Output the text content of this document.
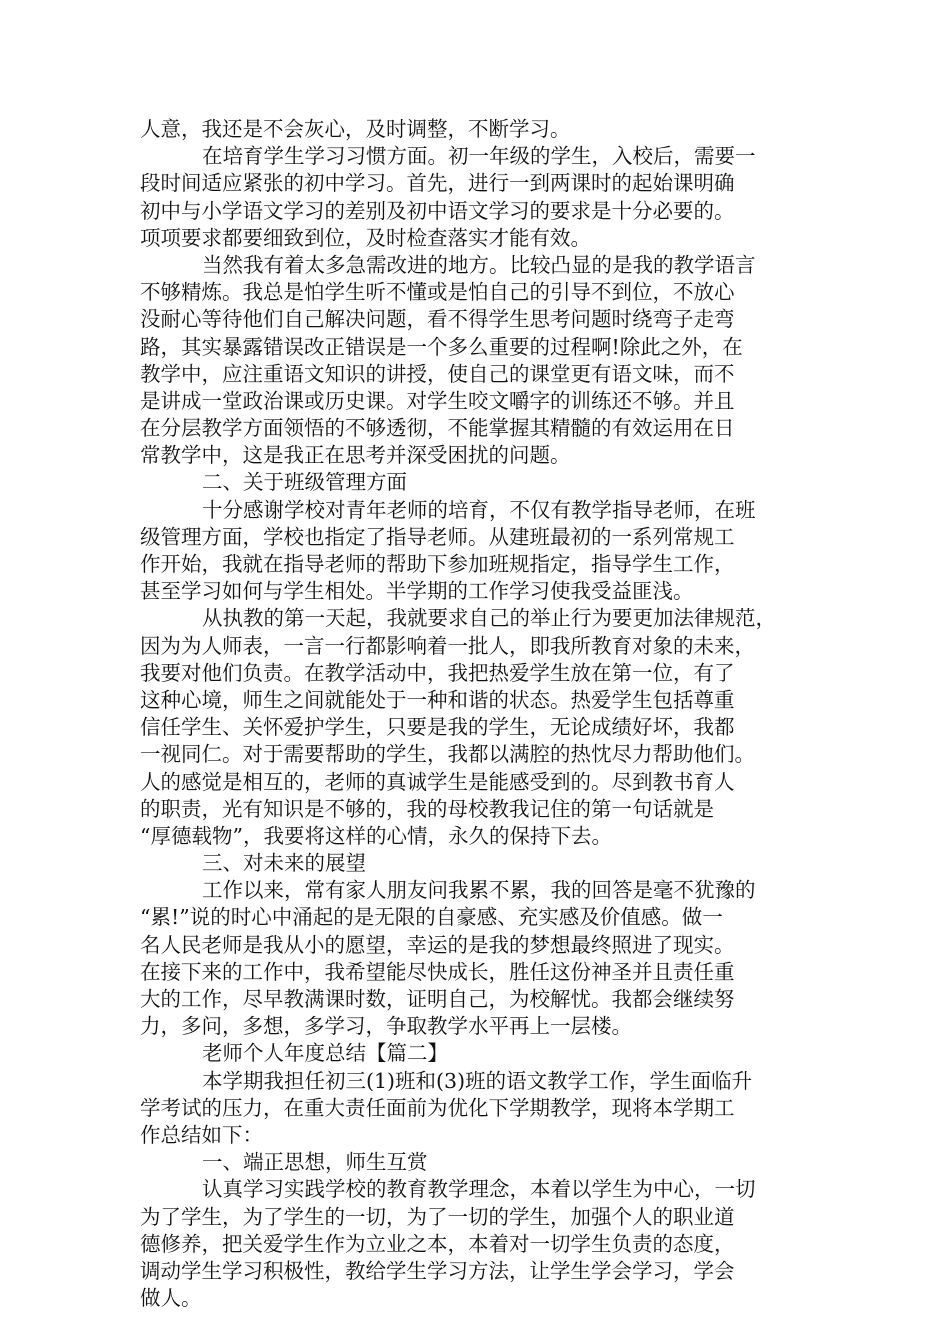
人意，我还是不会灰心，及时调整，不断学习。
在培育学生学习习惯方面。初一年级的学生，入校后，需要一
段时间适应紧张的初中学习。首先，进行一到两课时的起始课明确
初中与小学语文学习的差别及初中语文学习的要求是十分必要的。
项项要求都要细致到位，及时检查落实才能有效。
当然我有着太多急需改进的地方。比较凸显的是我的教学语言
不够精炼。我总是怕学生听不懂或是怕自己的引导不到位，不放心
没耐心等待他们自己解决问题，看不得学生思考问题时绕弯子走弯
路，其实暴露错误改正错误是一个多么重要的过程啊!除此之外，在
教学中，应注重语文知识的讲授，使自己的课堂更有语文味，而不
是讲成一堂政治课或历史课。对学生咬文嚼字的训练还不够。并且
在分层教学方面领悟的不够透彻，不能掌握其精髓的有效运用在日
常教学中，这是我正在思考并深受困扰的问题。
二、关于班级管理方面
十分感谢学校对青年老师的培育，不仅有教学指导老师，在班
级管理方面，学校也指定了指导老师。从建班最初的一系列常规工
作开始，我就在指导老师的帮助下参加班规指定，指导学生工作，
甚至学习如何与学生相处。半学期的工作学习使我受益匪浅。
从执教的第一天起，我就要求自己的举止行为要更加法律规范，
因为为人师表，一言一行都影响着一批人，即我所教育对象的未来，
我要对他们负责。在教学活动中，我把热爱学生放在第一位，有了
这种心境，师生之间就能处于一种和谐的状态。热爱学生包括尊重
信任学生、关怀爱护学生，只要是我的学生，无论成绩好坏，我都
一视同仁。对于需要帮助的学生，我都以满腔的热忱尽力帮助他们。
人的感觉是相互的，老师的真诚学生是能感受到的。尽到教书育人
的职责，光有知识是不够的，我的母校教我记住的第一句话就是
“厚德载物”，我要将这样的心情，永久的保持下去。
三、对未来的展望
工作以来，常有家人朋友问我累不累，我的回答是毫不犹豫的
“累!”说的时心中涌起的是无限的自豪感、充实感及价值感。做一
名人民老师是我从小的愿望，幸运的是我的梦想最终照进了现实。
在接下来的工作中，我希望能尽快成长，胜任这份神圣并且责任重
大的工作，尽早教满课时数，证明自己，为校解忧。我都会继续努
力，多问，多想，多学习，争取教学水平再上一层楼。
老师个人年度总结【篇二】
本学期我担任初三(1)班和(3)班的语文教学工作，学生面临升
学考试的压力，在重大责任面前为优化下学期教学，现将本学期工
作总结如下：
一、端正思想，师生互赏
认真学习实践学校的教育教学理念，本着以学生为中心，一切
为了学生，为了学生的一切，为了一切的学生，加强个人的职业道
德修养，把关爱学生作为立业之本，本着对一切学生负责的态度，
调动学生学习积极性，教给学生学习方法，让学生学会学习，学会
做人。
